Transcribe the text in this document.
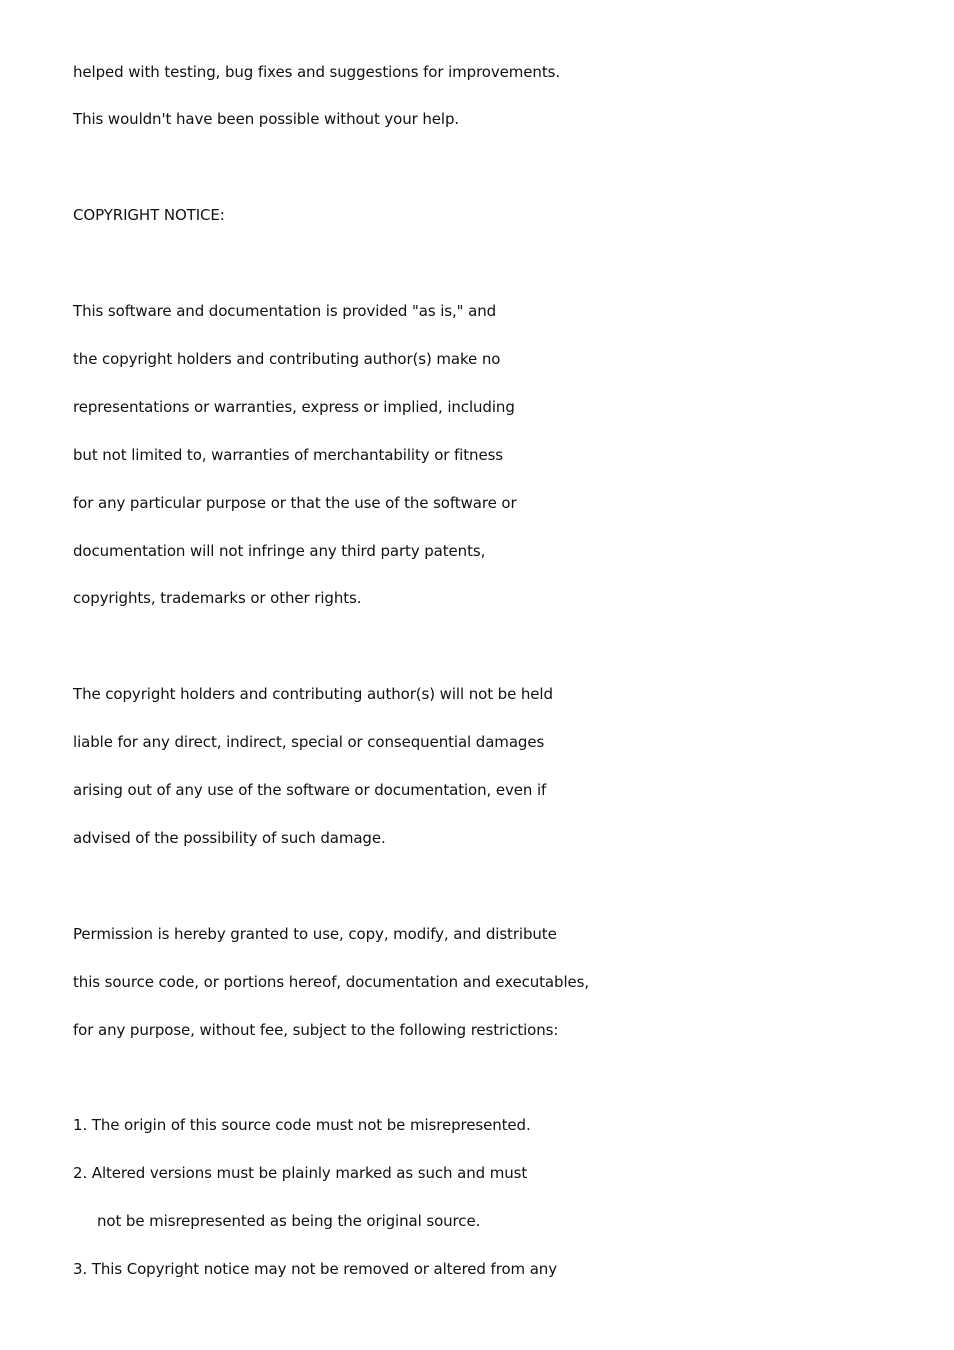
helped with testing, bug fixes and suggestions for improvements.
This wouldn't have been possible without your help.
COPYRIGHT NOTICE:
This software and documentation is provided "as is," and
the copyright holders and contributing author(s) make no
representations or warranties, express or implied, including
but not limited to, warranties of merchantability or fitness
for any particular purpose or that the use of the software or
documentation will not infringe any third party patents,
copyrights, trademarks or other rights.
The copyright holders and contributing author(s) will not be held
liable for any direct, indirect, special or consequential damages
arising out of any use of the software or documentation, even if
advised of the possibility of such damage.
Permission is hereby granted to use, copy, modify, and distribute
this source code, or portions hereof, documentation and executables,
for any purpose, without fee, subject to the following restrictions:
1. The origin of this source code must not be misrepresented.
2. Altered versions must be plainly marked as such and must
not be misrepresented as being the original source.
3. This Copyright notice may not be removed or altered from any
